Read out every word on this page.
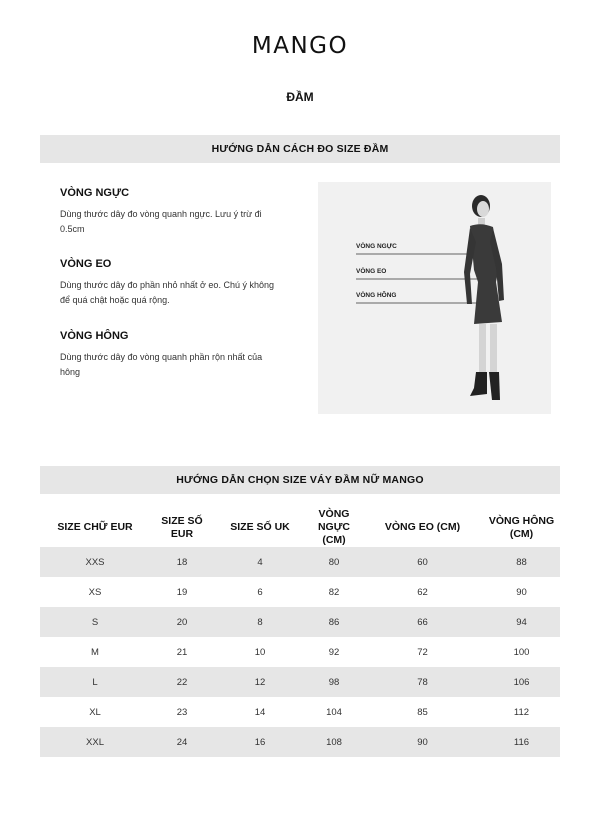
MANGO
ĐẦM
HƯỚNG DẪN CÁCH ĐO SIZE ĐẦM
VÒNG NGỰC

Dùng thước dây đo vòng quanh ngực. Lưu ý trừ đi 0.5cm

VÒNG EO

Dùng thước dây đo phần nhỏ nhất ở eo. Chú ý không để quá chật hoặc quá rộng.

VÒNG HÔNG

Dùng thước dây đo vòng quanh phần rộn nhất của hông

VÒNG NGỰC
VÒNG EO
VÒNG HÔNG
HƯỚNG DẪN CHỌN SIZE VÁY ĐẦM NỮ MANGO
SIZE CHỮ EUR	SIZE SỐ EUR	SIZE SỐ UK	VÒNG NGỰC (CM)	VÒNG EO (CM)	VÒNG HÔNG (CM)
XXS	18	4	80	60	88
XS	19	6	82	62	90
S	20	8	86	66	94
M	21	10	92	72	100
L	22	12	98	78	106
XL	23	14	104	85	112
XXL	24	16	108	90	116
